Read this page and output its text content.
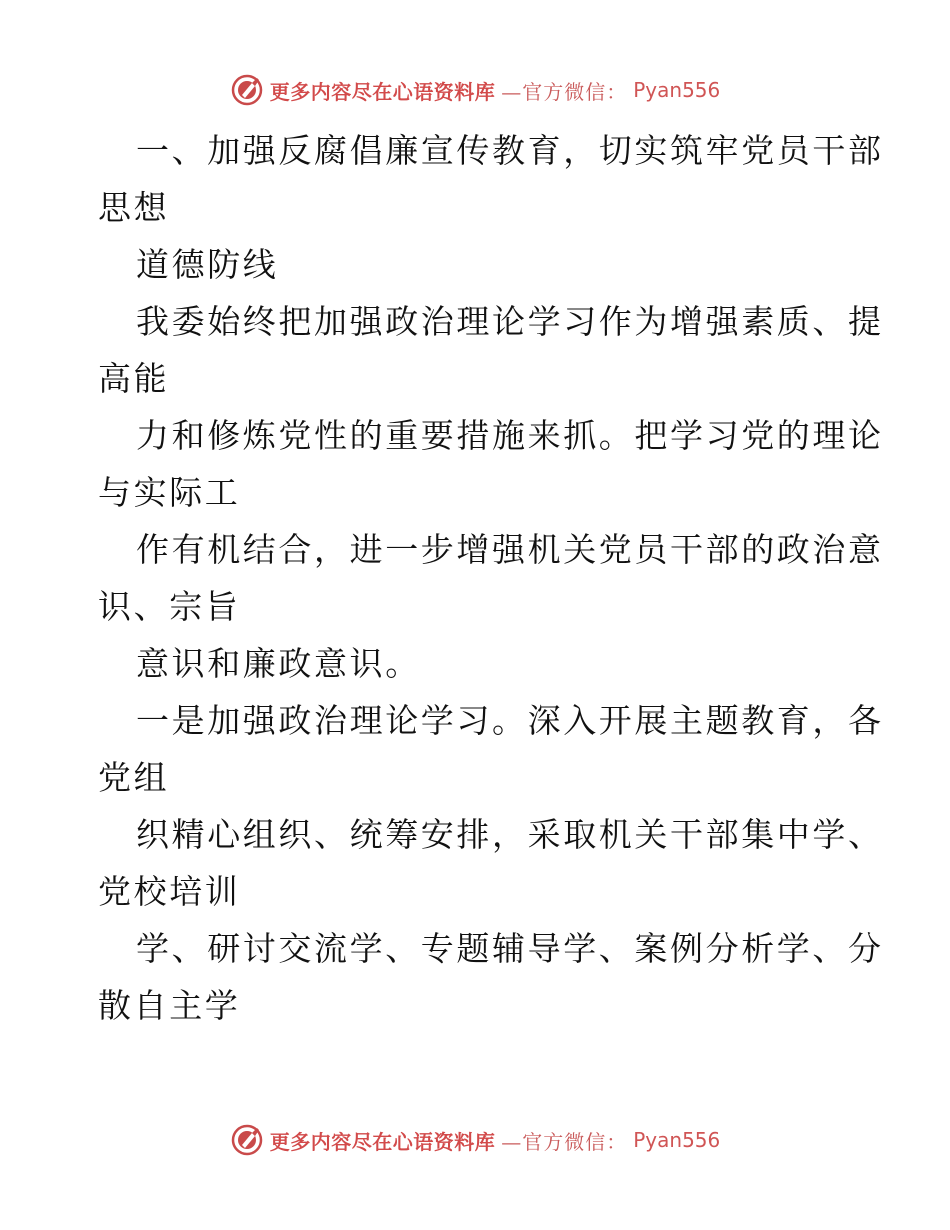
更多内容尽在心语资料库 —官方微信： Pyan556
一、加强反腐倡廉宣传教育，切实筑牢党员干部
思想
道德防线
我委始终把加强政治理论学习作为增强素质、提
高能
力和修炼党性的重要措施来抓。把学习党的理论
与实际工
作有机结合，进一步增强机关党员干部的政治意
识、宗旨
意识和廉政意识。
一是加强政治理论学习。深入开展主题教育，各
党组
织精心组织、统筹安排，采取机关干部集中学、
党校培训
学、研讨交流学、专题辅导学、案例分析学、分
散自主学
更多内容尽在心语资料库 —官方微信： Pyan556
